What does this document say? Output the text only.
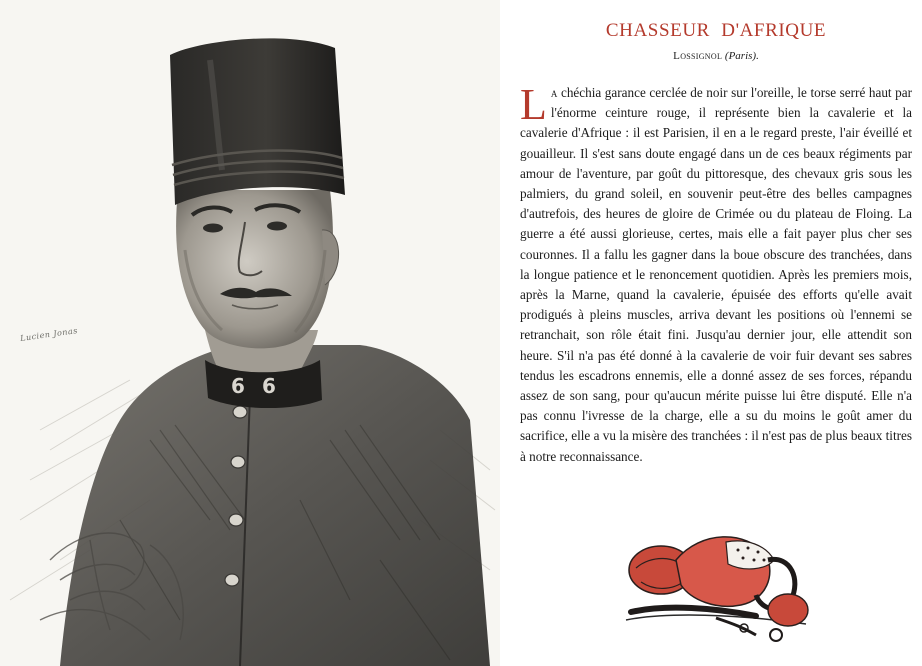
6 6
Lucien Jonas
CHASSEUR D'AFRIQUE
Lossignol (Paris).
La chéchia garance cerclée de noir sur l'oreille, le torse serré haut par l'énorme ceinture rouge, il représente bien la cavalerie et la cavalerie d'Afrique : il est Parisien, il en a le regard preste, l'air éveillé et gouailleur. Il s'est sans doute engagé dans un de ces beaux régiments par amour de l'aventure, par goût du pittoresque, des chevaux gris sous les palmiers, du grand soleil, en souvenir peut-être des belles campagnes d'autrefois, des heures de gloire de Crimée ou du plateau de Floing. La guerre a été aussi glorieuse, certes, mais elle a fait payer plus cher ses couronnes. Il a fallu les gagner dans la boue obscure des tranchées, dans la longue patience et le renoncement quotidien. Après les premiers mois, après la Marne, quand la cavalerie, épuisée des efforts qu'elle avait prodigués à pleins muscles, arriva devant les positions où l'ennemi se retranchait, son rôle était fini. Jusqu'au dernier jour, elle attendit son heure. S'il n'a pas été donné à la cavalerie de voir fuir devant ses sabres tendus les escadrons ennemis, elle a donné assez de ses forces, répandu assez de son sang, pour qu'aucun mérite puisse lui être disputé. Elle n'a pas connu l'ivresse de la charge, elle a su du moins le goût amer du sacrifice, elle a vu la misère des tranchées : il n'est pas de plus beaux titres à notre reconnaissance.
